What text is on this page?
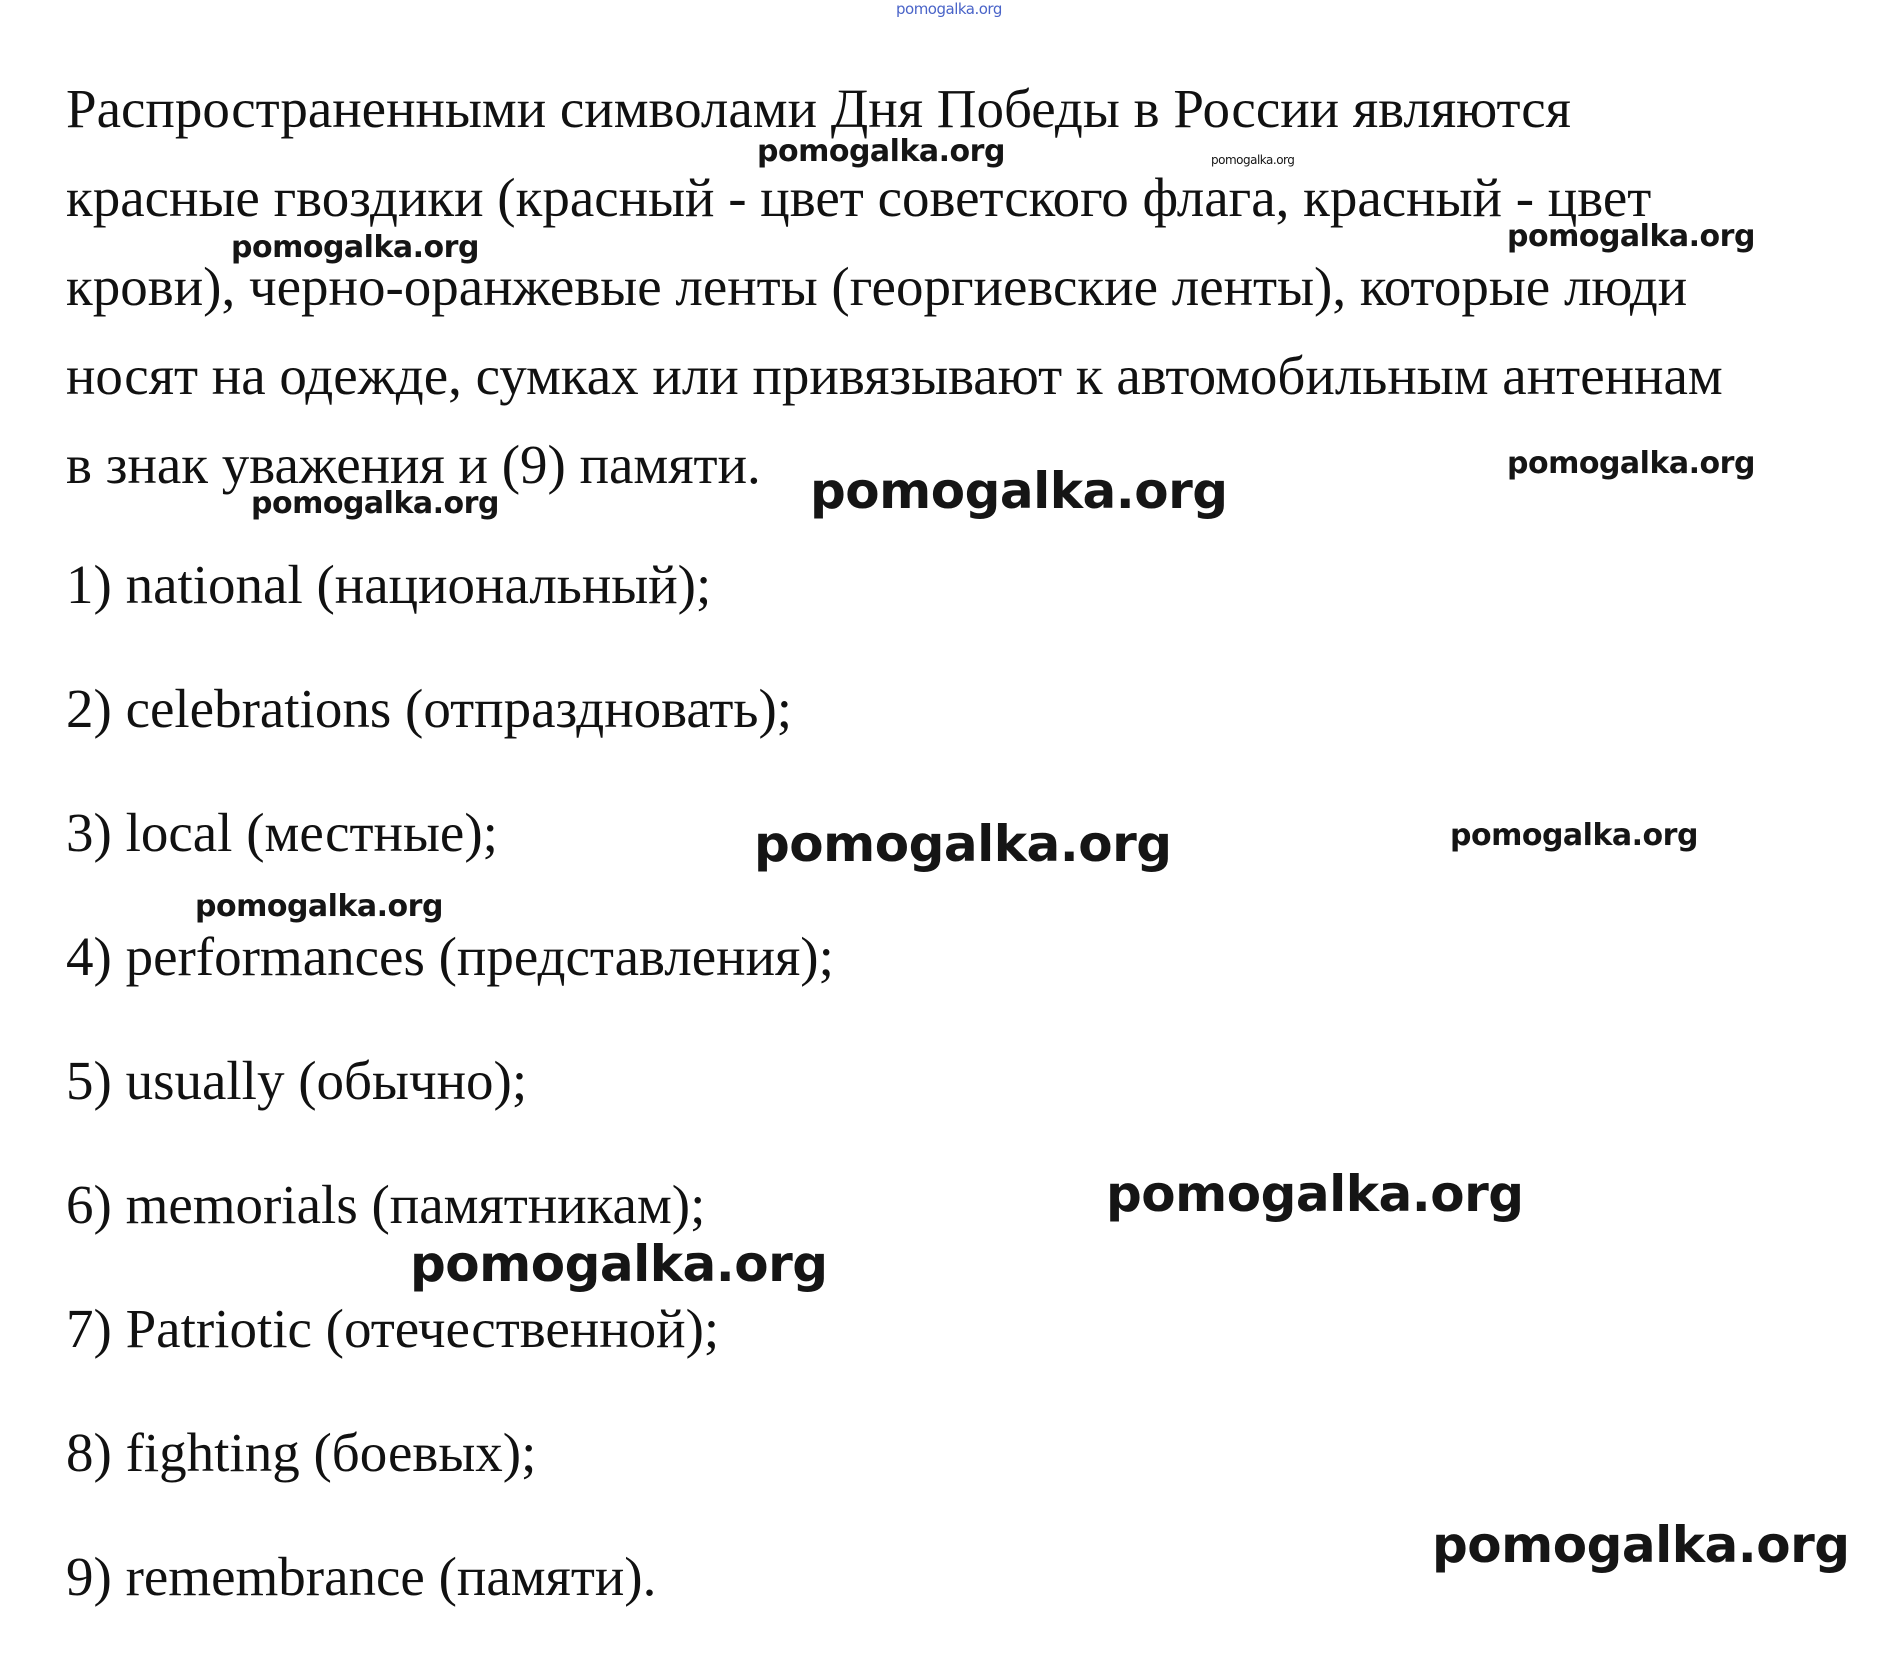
pomogalka.org

Распространенными символами Дня Победы в России являются
красные гвоздики (красный - цвет советского флага, красный - цвет
крови), черно-оранжевые ленты (георгиевские ленты), которые люди
носят на одежде, сумках или привязывают к автомобильным антеннам
в знак уважения и (9) памяти.

1) national (национальный);
2) celebrations (отпраздновать);
3) local (местные);
4) performances (представления);
5) usually (обычно);
6) memorials (памятникам);
7) Patriotic (отечественной);
8) fighting (боевых);
9) remembrance (памяти).
pomogalka.org	pomogalka.org
pomogalka.org
pomogalka.org
pomogalka.org
pomogalka.org	pomogalka.org
pomogalka.org	pomogalka.org
pomogalka.org
pomogalka.org
pomogalka.org
pomogalka.org
